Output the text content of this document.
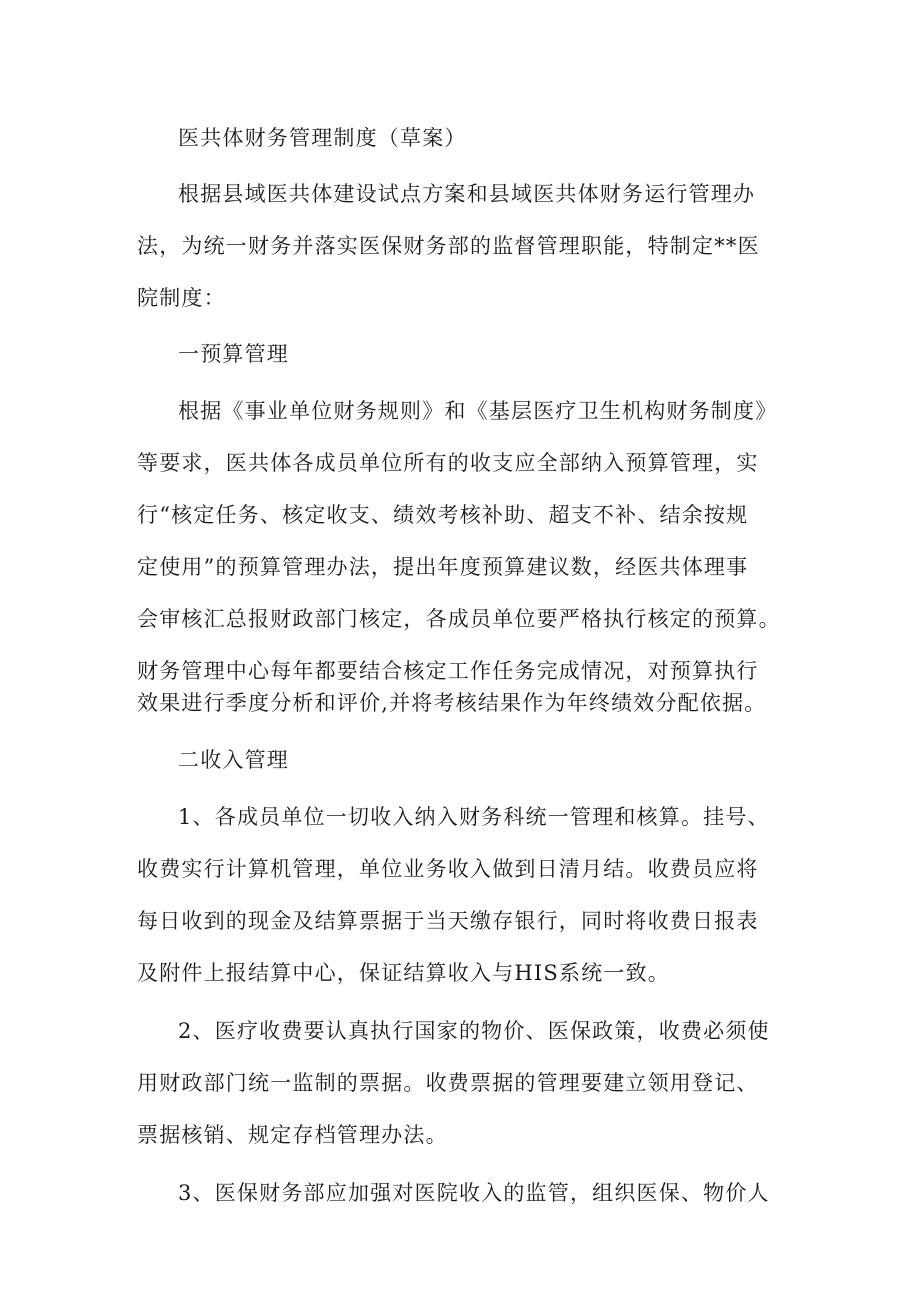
医共体财务管理制度（草案）
根据县域医共体建设试点方案和县域医共体财务运行管理办
法，为统一财务并落实医保财务部的监督管理职能，特制定**医
院制度：
一预算管理
根据《事业单位财务规则》和《基层医疗卫生机构财务制度》
等要求，医共体各成员单位所有的收支应全部纳入预算管理，实
行“核定任务、核定收支、绩效考核补助、超支不补、结余按规
定使用”的预算管理办法，提出年度预算建议数，经医共体理事
会审核汇总报财政部门核定，各成员单位要严格执行核定的预算。
财务管理中心每年都要结合核定工作任务完成情况，对预算执行
效果进行季度分析和评价,并将考核结果作为年终绩效分配依据。
二收入管理
1、各成员单位一切收入纳入财务科统一管理和核算。挂号、
收费实行计算机管理，单位业务收入做到日清月结。收费员应将
每日收到的现金及结算票据于当天缴存银行，同时将收费日报表
及附件上报结算中心，保证结算收入与HIS系统一致。
2、医疗收费要认真执行国家的物价、医保政策，收费必须使
用财政部门统一监制的票据。收费票据的管理要建立领用登记、
票据核销、规定存档管理办法。
3、医保财务部应加强对医院收入的监管，组织医保、物价人
